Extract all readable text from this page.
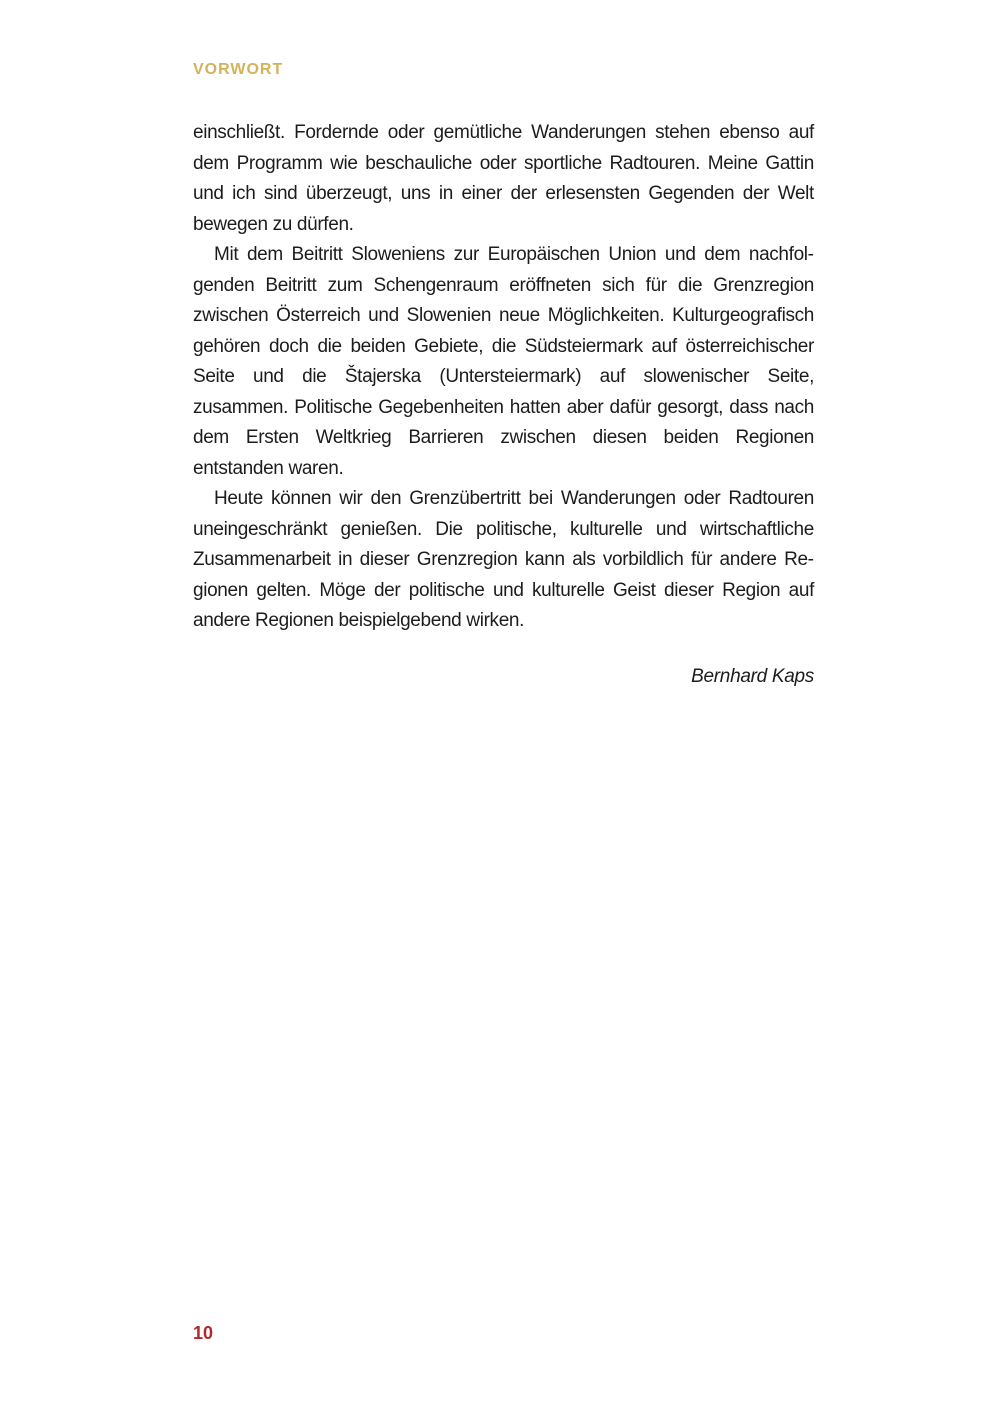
VORWORT

einschließt. Fordernde oder gemütliche Wanderungen stehen ebenso auf dem Programm wie beschauliche oder sportliche Radtouren. Meine Gattin und ich sind überzeugt, uns in einer der erlesensten Gegenden der Welt bewegen zu dürfen.

Mit dem Beitritt Sloweniens zur Europäischen Union und dem nachfolgenden Beitritt zum Schengenraum eröffneten sich für die Grenzregion zwischen Österreich und Slowenien neue Möglichkeiten. Kulturgeografisch gehören doch die beiden Gebiete, die Südsteiermark auf österreichischer Seite und die Štajerska (Untersteiermark) auf slowenischer Seite, zusammen. Politische Gegebenheiten hatten aber dafür gesorgt, dass nach dem Ersten Weltkrieg Barrieren zwischen diesen beiden Regionen entstanden waren.

Heute können wir den Grenzübertritt bei Wanderungen oder Radtouren uneingeschränkt genießen. Die politische, kulturelle und wirtschaftliche Zusammenarbeit in dieser Grenzregion kann als vorbildlich für andere Regionen gelten. Möge der politische und kulturelle Geist dieser Region auf andere Regionen beispielgebend wirken.

Bernhard Kaps
10
